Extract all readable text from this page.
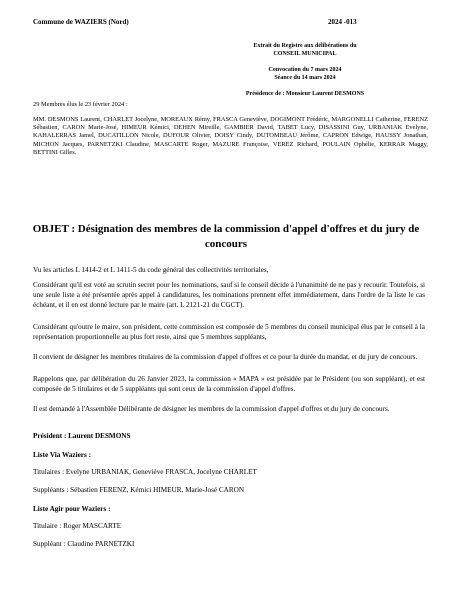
Commune de WAZIERS (Nord)	2024 -013
Extrait du Registre aux délibérations du
CONSEIL MUNICIPAL
Convocation du 7 mars 2024
Séance du 14 mars 2024
Présidence de : Monsieur Laurent DESMONS
29 Membres élus le 23 février 2024 :
MM. DESMONS Laurent, CHARLET Jocelyne, MOREAUX Rémy, FRASCA Geneviève, DOGIMONT Frédéric, MARGONELLI Catherine, FERENZ Sébastien, CARON Marie-José, HIMEUR Kémici, DEHEN Mireille, GAMBIER David, TABET Lucy, DISASSINI Guy, URBANIAK Evelyne, KAHALERRAS Jamel, DUCATILLON Nicole, DUFOUR Olivier, DOISY Cindy, DUTOMBEAU Jérôme, CAPRON Edwige, HAUSSY Jonathan, MICHON Jacques, PARNETZKI Claudine, MASCARTE Roger, MAZURE Françoise, VEREZ Richard, POULAIN Ophélie, KERRAR Maggy, BETTINI Gilles.
OBJET : Désignation des membres de la commission d'appel d'offres et du jury de concours
Vu les articles L 1414-2 et L 1411-5 du code général des collectivités territoriales,
Considérant qu'il est voté au scrutin secret pour les nominations, sauf si le conseil décide à l'unanimité de ne pas y recourir. Toutefois, si une seule liste a été présentée après appel à candidatures, les nominations prennent effet immédiatement, dans l'ordre de la liste le cas échéant, et il en est donné lecture par le maire (art. L 2121-21 du CGCT).
Considérant qu'outre le maire, son président, cette commission est composée de 5 membres du conseil municipal élus par le conseil à la représentation proportionnelle au plus fort reste, ainsi que 5 membres suppléants,
Il convient de désigner les membres titulaires de la commission d'appel d'offres et ce pour la durée du mandat, et du jury de concours.
Rappelons que, par délibération du 26 Janvier 2023, la commission « MAPA » est présidée par le Président (ou son suppléant), et est composée de 5 titulaires et de 5 suppléants qui sont ceux de la commission d'appel d'offres.
Il est demandé à l'Assemblée Délibérante de désigner les membres de la commission d'appel d'offres et du jury de concours.
Président : Laurent DESMONS
Liste Via Waziers :
Titulaires : Evelyne URBANIAK, Geneviève FRASCA, Jocelyne CHARLET
Suppléants : Sébastien FERENZ, Kémici HIMEUR, Marie-José CARON
Liste Agir pour Waziers :
Titulaire : Roger MASCARTE
Suppléant : Claudine PARNETZKI
